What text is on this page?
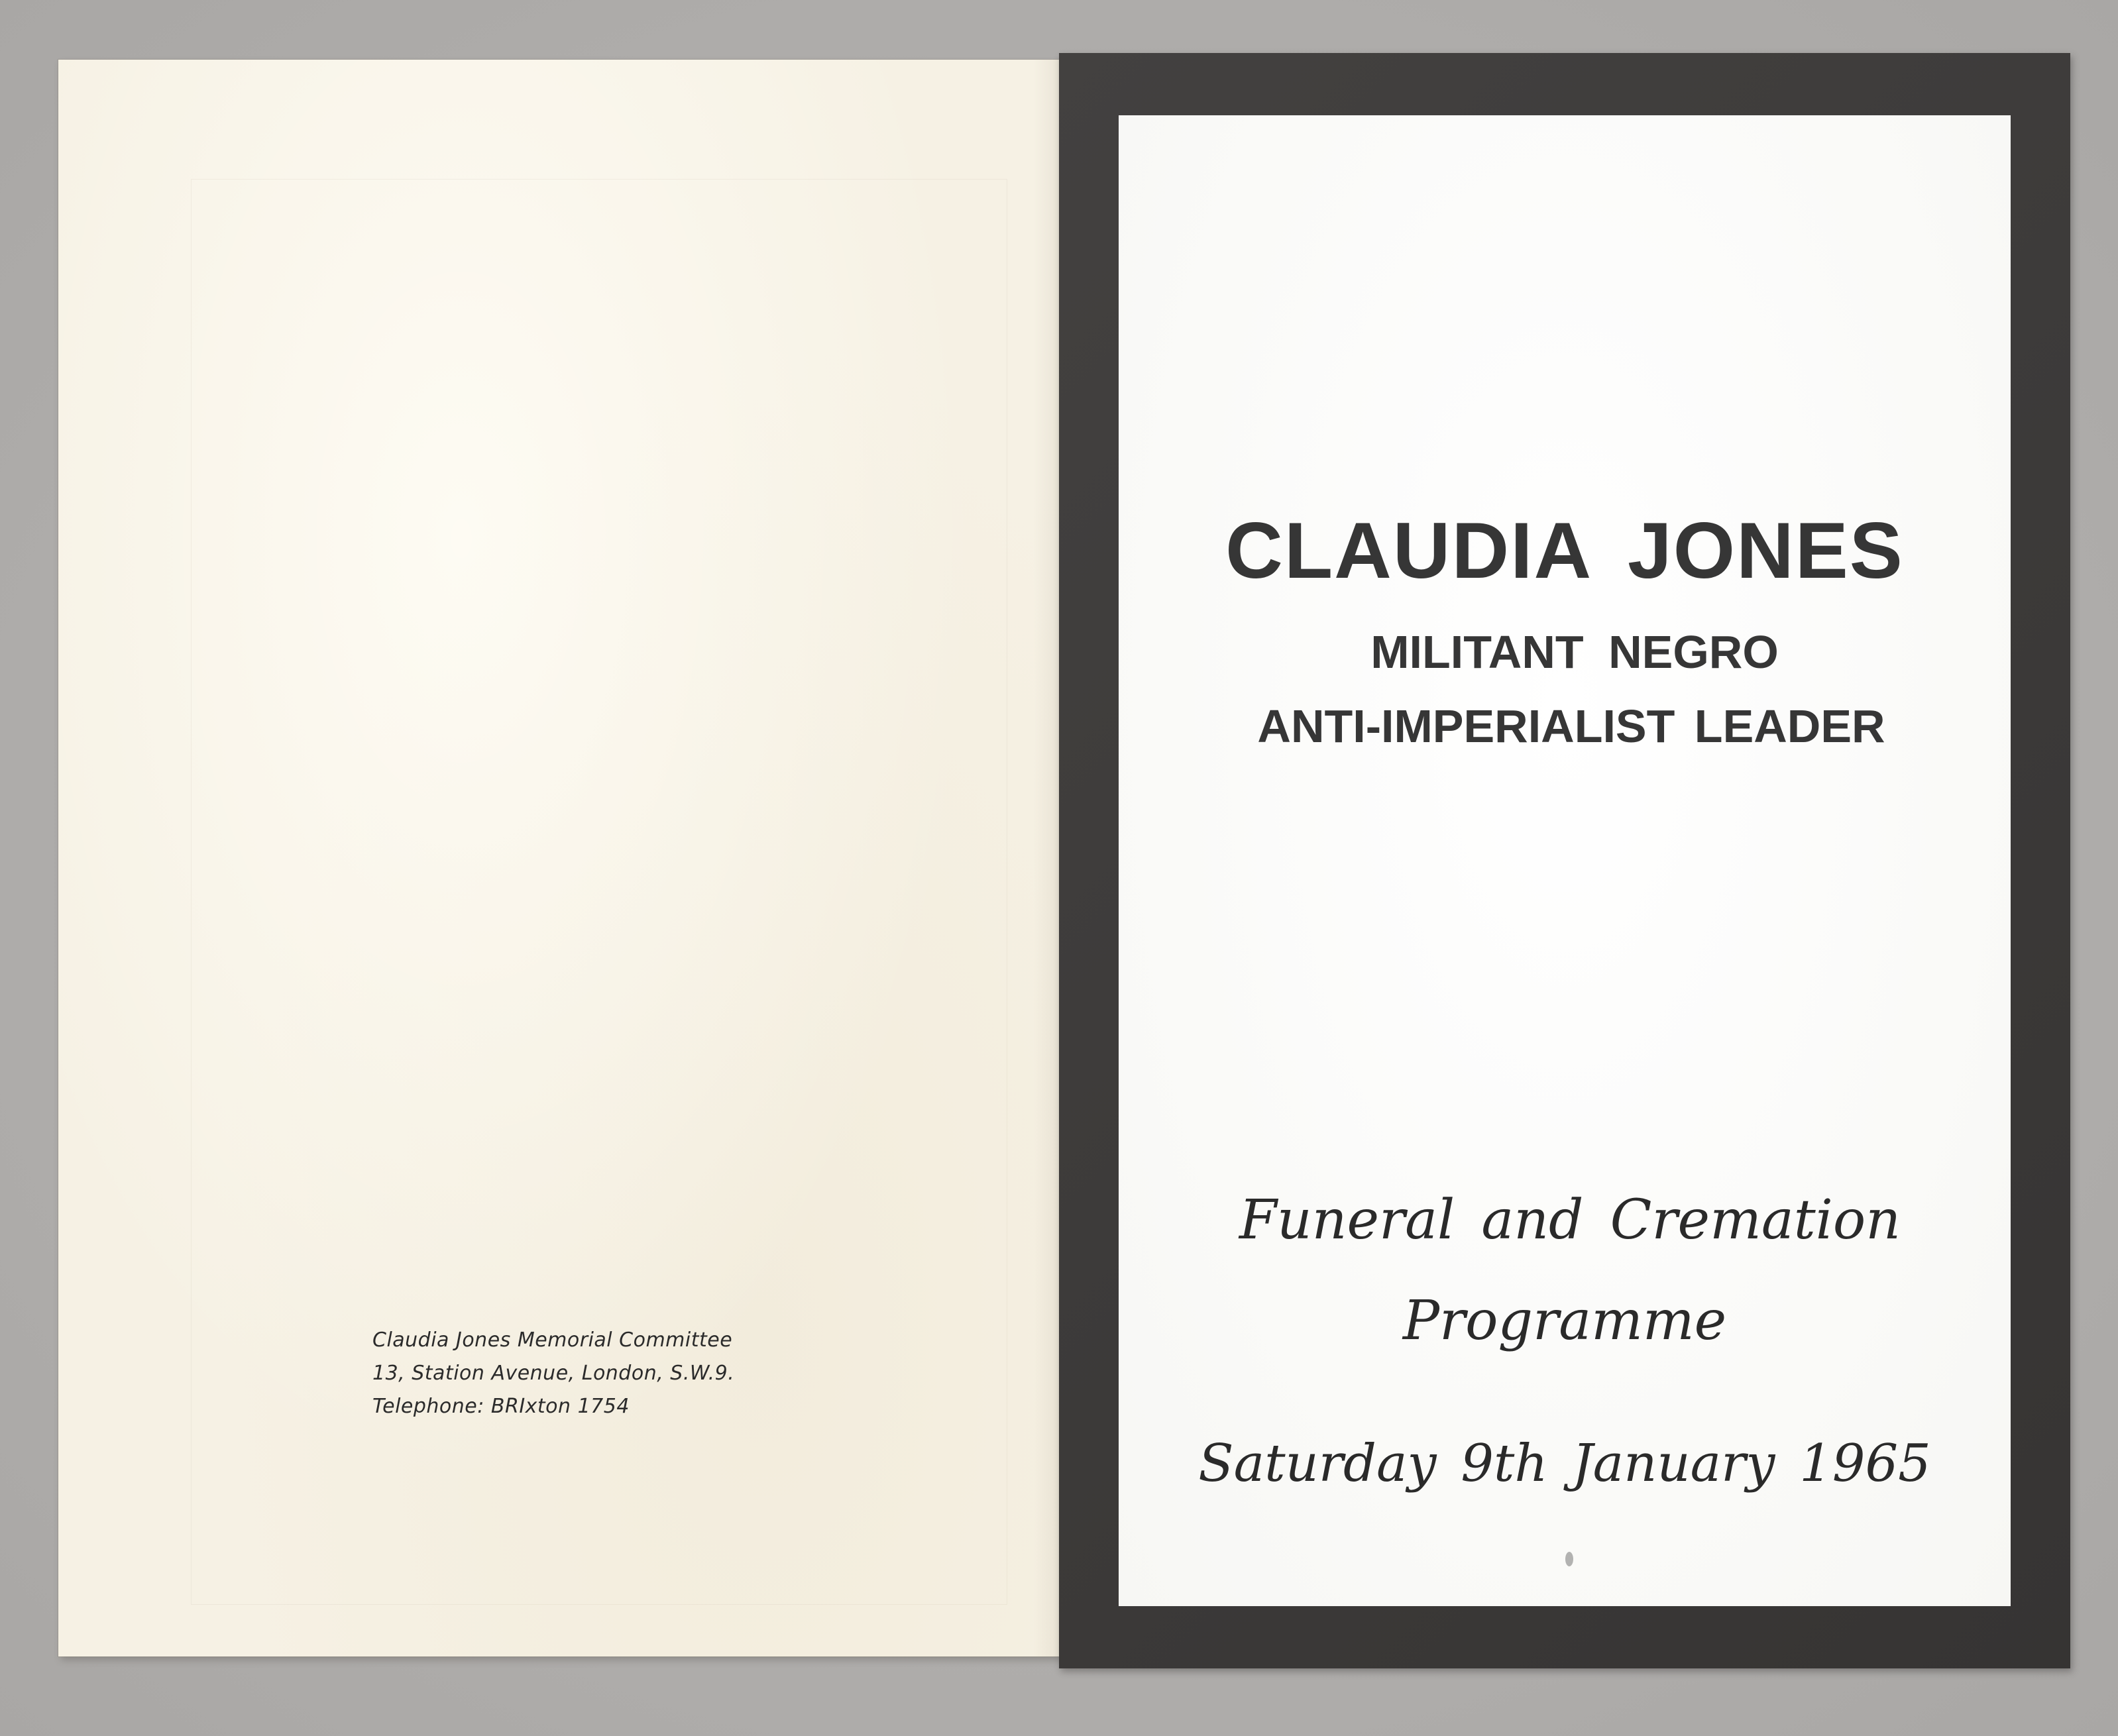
Claudia Jones Memorial Committee
13, Station Avenue, London, S.W.9.
Telephone: BRIxton 1754
CLAUDIA JONES
MILITANT NEGRO
ANTI-IMPERIALIST LEADER
Funeral and Cremation
Programme
Saturday 9th January 1965
